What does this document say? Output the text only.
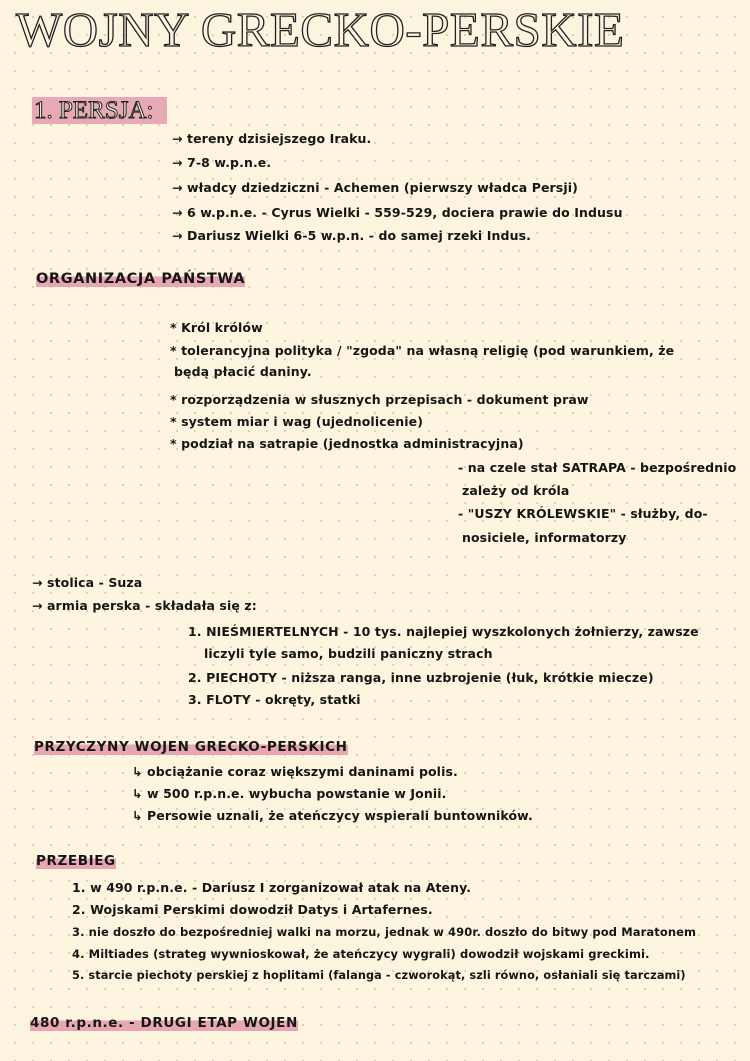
WOJNY GRECKO-PERSKIE
1. PERSJA:
→ tereny dzisiejszego Iraku.
→ 7-8 w.p.n.e.
→ władcy dziedziczni - Achemen (pierwszy władca Persji)
→ 6 w.p.n.e. - Cyrus Wielki - 559-529, dociera prawie do Indusu
→ Dariusz Wielki 6-5 w.p.n. - do samej rzeki Indus.
ORGANIZACJA PAŃSTWA
* Król królów
* tolerancyjna polityka / "zgoda" na własną religię (pod warunkiem, że
będą płacić daniny.
* rozporządzenia w słusznych przepisach - dokument praw
* system miar i wag (ujednolicenie)
* podział na satrapie (jednostka administracyjna)
- na czele stał SATRAPA - bezpośrednio
zależy od króla
- "USZY KRÓLEWSKIE" - służby, do-
nosiciele, informatorzy
→ stolica - Suza
→ armia perska - składała się z:
1. NIEŚMIERTELNYCH - 10 tys. najlepiej wyszkolonych żołnierzy, zawsze
liczyli tyle samo, budzili paniczny strach
2. PIECHOTY - niższa ranga, inne uzbrojenie (łuk, krótkie miecze)
3. FLOTY - okręty, statki
PRZYCZYNY WOJEN GRECKO-PERSKICH
↳ obciążanie coraz większymi daninami polis.
↳ w 500 r.p.n.e. wybucha powstanie w Jonii.
↳ Persowie uznali, że ateńczycy wspierali buntowników.
PRZEBIEG
1. w 490 r.p.n.e. - Dariusz I zorganizował atak na Ateny.
2. Wojskami Perskimi dowodził Datys i Artafernes.
3. nie doszło do bezpośredniej walki na morzu, jednak w 490r. doszło do bitwy pod Maratonem
4. Miltiades (strateg wywnioskował, że ateńczycy wygrali) dowodził wojskami greckimi.
5. starcie piechoty perskiej z hoplitami (falanga - czworokąt, szli równo, osłaniali się tarczami)
480 r.p.n.e. - DRUGI ETAP WOJEN
